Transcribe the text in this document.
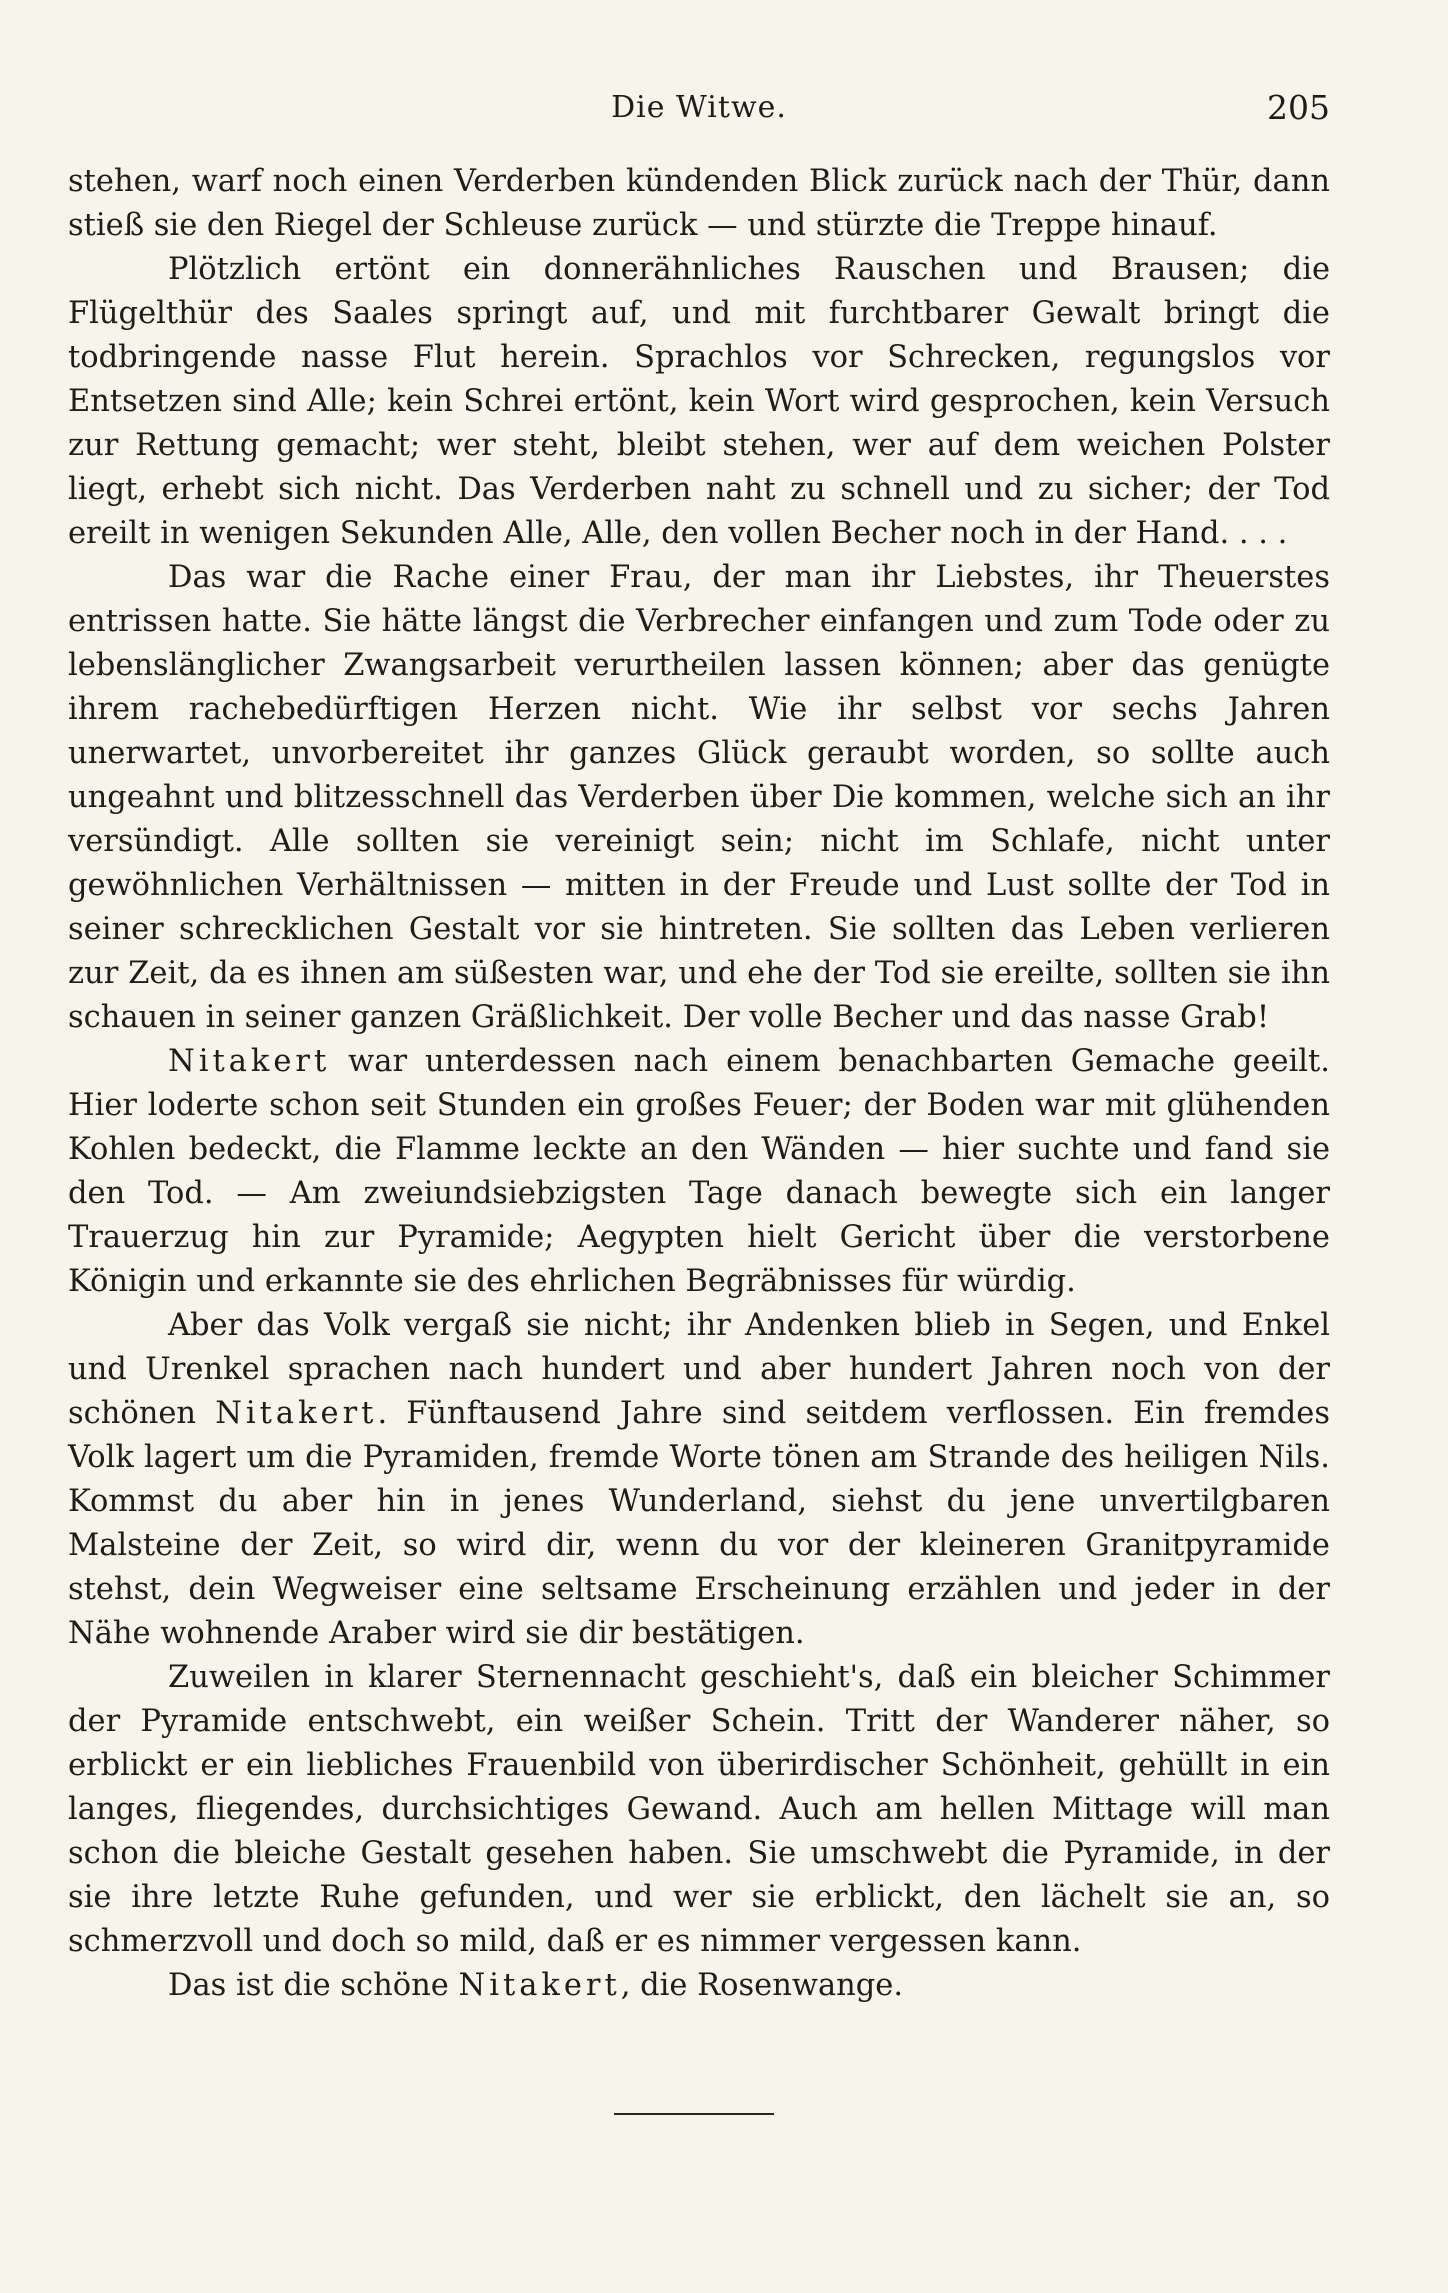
Die Witwe.	205

stehen, warf noch einen Verderben kündenden Blick zurück nach der Thür, dann stieß sie den Riegel der Schleuse zurück — und stürzte die Treppe hinauf.

Plötzlich ertönt ein donnerähnliches Rauschen und Brausen; die Flügelthür des Saales springt auf, und mit furchtbarer Gewalt bringt die todbringende nasse Flut herein. Sprachlos vor Schrecken, regungslos vor Entsetzen sind Alle; kein Schrei ertönt, kein Wort wird gesprochen, kein Versuch zur Rettung gemacht; wer steht, bleibt stehen, wer auf dem weichen Polster liegt, erhebt sich nicht. Das Verderben naht zu schnell und zu sicher; der Tod ereilt in wenigen Sekunden Alle, Alle, den vollen Becher noch in der Hand. . . .

Das war die Rache einer Frau, der man ihr Liebstes, ihr Theuerstes entrissen hatte. Sie hätte längst die Verbrecher einfangen und zum Tode oder zu lebenslänglicher Zwangsarbeit verurtheilen lassen können; aber das genügte ihrem rachebedürftigen Herzen nicht. Wie ihr selbst vor sechs Jahren unerwartet, unvorbereitet ihr ganzes Glück geraubt worden, so sollte auch ungeahnt und blitzesschnell das Verderben über Die kommen, welche sich an ihr versündigt. Alle sollten sie vereinigt sein; nicht im Schlafe, nicht unter gewöhnlichen Verhältnissen — mitten in der Freude und Lust sollte der Tod in seiner schrecklichen Gestalt vor sie hintreten. Sie sollten das Leben verlieren zur Zeit, da es ihnen am süßesten war, und ehe der Tod sie ereilte, sollten sie ihn schauen in seiner ganzen Gräßlichkeit. Der volle Becher und das nasse Grab!

Nitakert war unterdessen nach einem benachbarten Gemache geeilt. Hier loderte schon seit Stunden ein großes Feuer; der Boden war mit glühenden Kohlen bedeckt, die Flamme leckte an den Wänden — hier suchte und fand sie den Tod. — Am zweiundsiebzigsten Tage danach bewegte sich ein langer Trauerzug hin zur Pyramide; Aegypten hielt Gericht über die verstorbene Königin und erkannte sie des ehrlichen Begräbnisses für würdig.

Aber das Volk vergaß sie nicht; ihr Andenken blieb in Segen, und Enkel und Urenkel sprachen nach hundert und aber hundert Jahren noch von der schönen Nitakert. Fünftausend Jahre sind seitdem verflossen. Ein fremdes Volk lagert um die Pyramiden, fremde Worte tönen am Strande des heiligen Nils. Kommst du aber hin in jenes Wunderland, siehst du jene unvertilgbaren Malsteine der Zeit, so wird dir, wenn du vor der kleineren Granitpyramide stehst, dein Wegweiser eine seltsame Erscheinung erzählen und jeder in der Nähe wohnende Araber wird sie dir bestätigen.

Zuweilen in klarer Sternennacht geschieht's, daß ein bleicher Schimmer der Pyramide entschwebt, ein weißer Schein. Tritt der Wanderer näher, so erblickt er ein liebliches Frauenbild von überirdischer Schönheit, gehüllt in ein langes, fliegendes, durchsichtiges Gewand. Auch am hellen Mittage will man schon die bleiche Gestalt gesehen haben. Sie umschwebt die Pyramide, in der sie ihre letzte Ruhe gefunden, und wer sie erblickt, den lächelt sie an, so schmerzvoll und doch so mild, daß er es nimmer vergessen kann.

Das ist die schöne Nitakert, die Rosenwange.
